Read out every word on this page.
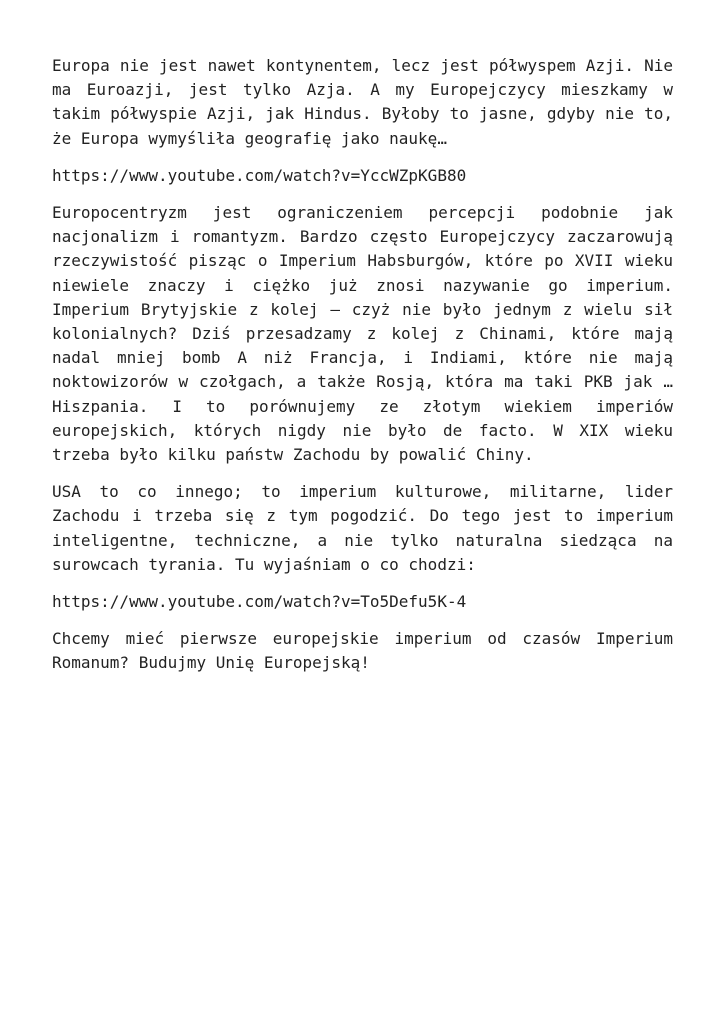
Europa nie jest nawet kontynentem, lecz jest półwyspem Azji. Nie ma Euroazji, jest tylko Azja. A my Europejczycy mieszkamy w takim półwyspie Azji, jak Hindus. Byłoby to jasne, gdyby nie to, że Europa wymyśliła geografię jako naukę…

https://www.youtube.com/watch?v=YccWZpKGB80

Europocentryzm jest ograniczeniem percepcji podobnie jak nacjonalizm i romantyzm. Bardzo często Europejczycy zaczarowują rzeczywistość pisząc o Imperium Habsburgów, które po XVII wieku niewiele znaczy i ciężko już znosi nazywanie go imperium. Imperium Brytyjskie z kolej – czyż nie było jednym z wielu sił kolonialnych? Dziś przesadzamy z kolej z Chinami, które mają nadal mniej bomb A niż Francja, i Indiami, które nie mają noktowizorów w czołgach, a także Rosją, która ma taki PKB jak … Hiszpania. I to porównujemy ze złotym wiekiem imperiów europejskich, których nigdy nie było de facto. W XIX wieku trzeba było kilku państw Zachodu by powalić Chiny.

USA to co innego; to imperium kulturowe, militarne, lider Zachodu i trzeba się z tym pogodzić. Do tego jest to imperium inteligentne, techniczne, a nie tylko naturalna siedząca na surowcach tyrania. Tu wyjaśniam o co chodzi:

https://www.youtube.com/watch?v=To5Defu5K-4

Chcemy mieć pierwsze europejskie imperium od czasów Imperium Romanum? Budujmy Unię Europejską!
